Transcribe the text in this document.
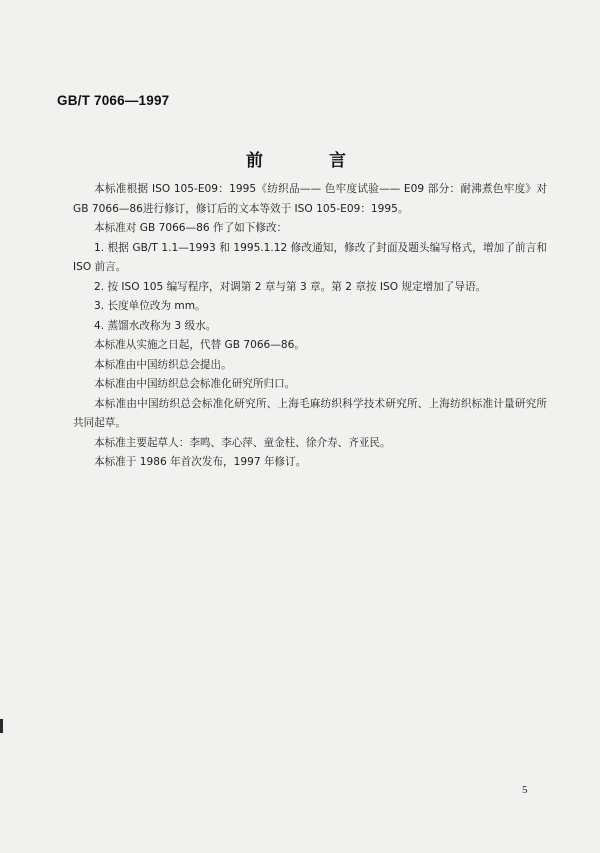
GB/T 7066—1997
前 言

本标准根据 ISO 105-E09：1995《纺织品—— 色牢度试验—— E09 部分：耐沸煮色牢度》对 GB 7066—86进行修订，修订后的文本等效于 ISO 105-E09：1995。

本标准对 GB 7066—86 作了如下修改：

1. 根据 GB/T 1.1—1993 和 1995.1.12 修改通知，修改了封面及题头编写格式，增加了前言和 ISO 前言。

2. 按 ISO 105 编写程序，对调第 2 章与第 3 章。第 2 章按 ISO 规定增加了导语。

3. 长度单位改为 mm。

4. 蒸馏水改称为 3 级水。

本标准从实施之日起，代替 GB 7066—86。

本标准由中国纺织总会提出。

本标准由中国纺织总会标准化研究所归口。

本标准由中国纺织总会标准化研究所、上海毛麻纺织科学技术研究所、上海纺织标准计量研究所共同起草。

本标准主要起草人：李鸣、李心萍、童金柱、徐介寿、齐亚民。

本标准于 1986 年首次发布，1997 年修订。

5
